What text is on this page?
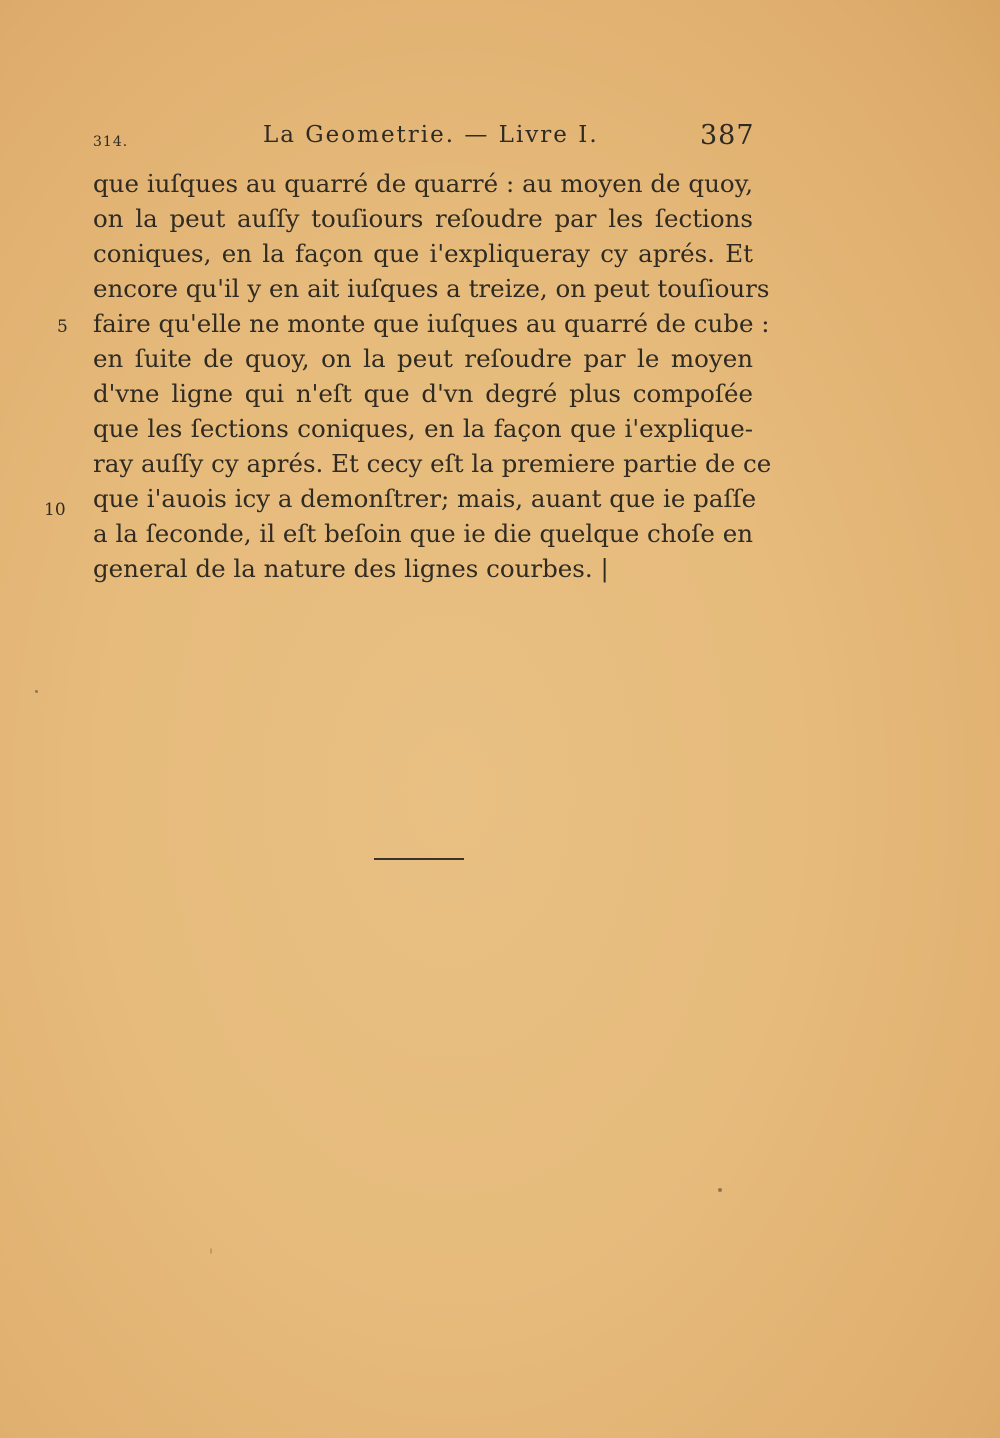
314.	La Geometrie. — Livre I.	387
5
10
que iuſques au quarré de quarré : au moyen de quoy,
on la peut auſſy touſiours reſoudre par les ſections
coniques, en la façon que i'expliqueray cy aprés. Et
encore qu'il y en ait iuſques a treize, on peut touſiours
faire qu'elle ne monte que iuſques au quarré de cube :
en ſuite de quoy, on la peut reſoudre par le moyen
d'vne ligne qui n'eſt que d'vn degré plus compoſée
que les ſections coniques, en la façon que i'explique-
ray auſſy cy aprés. Et cecy eſt la premiere partie de ce
que i'auois icy a demonſtrer; mais, auant que ie paſſe
a la ſeconde, il eſt beſoin que ie die quelque choſe en
general de la nature des lignes courbes. |
